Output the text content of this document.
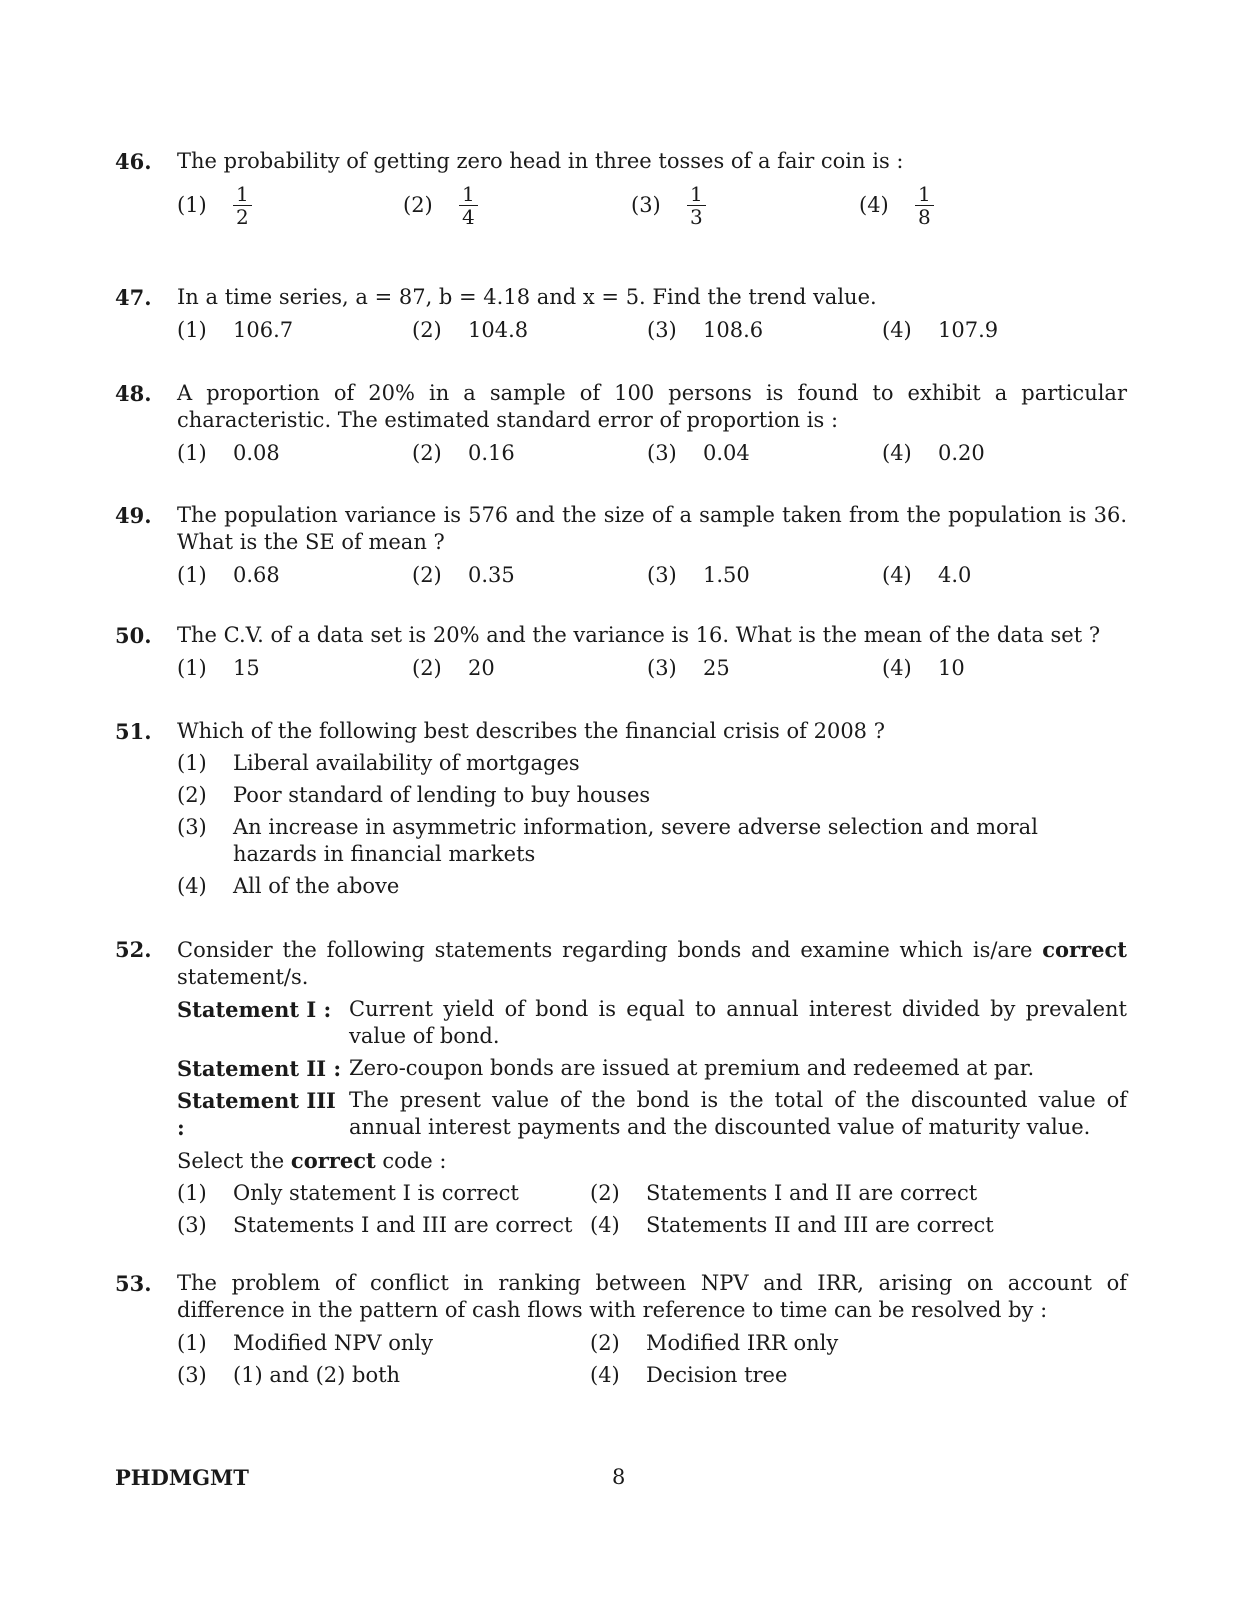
46. The probability of getting zero head in three tosses of a fair coin is :
(1)	$\frac{1}{2}$	(2)	$\frac{1}{4}$	(3)	$\frac{1}{3}$	(4)	$\frac{1}{8}$
47. In a time series, a = 87, b = 4.18 and x = 5. Find the trend value.
(1) 106.7	(2) 104.8	(3) 108.6	(4) 107.9
48. A proportion of 20% in a sample of 100 persons is found to exhibit a particular characteristic. The estimated standard error of proportion is :
(1) 0.08	(2) 0.16	(3) 0.04	(4) 0.20
49. The population variance is 576 and the size of a sample taken from the population is 36. What is the SE of mean ?
(1) 0.68	(2) 0.35	(3) 1.50	(4) 4.0
50. The C.V. of a data set is 20% and the variance is 16. What is the mean of the data set ?
(1) 15	(2) 20	(3) 25	(4) 10
51. Which of the following best describes the financial crisis of 2008 ?
(1)	Liberal availability of mortgages
(2)	Poor standard of lending to buy houses
(3)	An increase in asymmetric information, severe adverse selection and moral hazards in financial markets
(4)	All of the above
52. Consider the following statements regarding bonds and examine which is/are correct statement/s.
Statement I : Current yield of bond is equal to annual interest divided by prevalent value of bond.
Statement II : Zero-coupon bonds are issued at premium and redeemed at par.
Statement III :
The present value of the bond is the total of the discounted value of annual interest payments and the discounted value of maturity value.
Select the correct code :
(1) Only statement I is correct	(2) Statements I and II are correct
(3) Statements I and III are correct (4) Statements II and III are correct
53. The problem of conflict in ranking between NPV and IRR, arising on account of difference in the pattern of cash flows with reference to time can be resolved by :
(1) Modified NPV only	(2) Modified IRR only
(3) (1) and (2) both	(4) Decision tree
PHDMGMT	8
